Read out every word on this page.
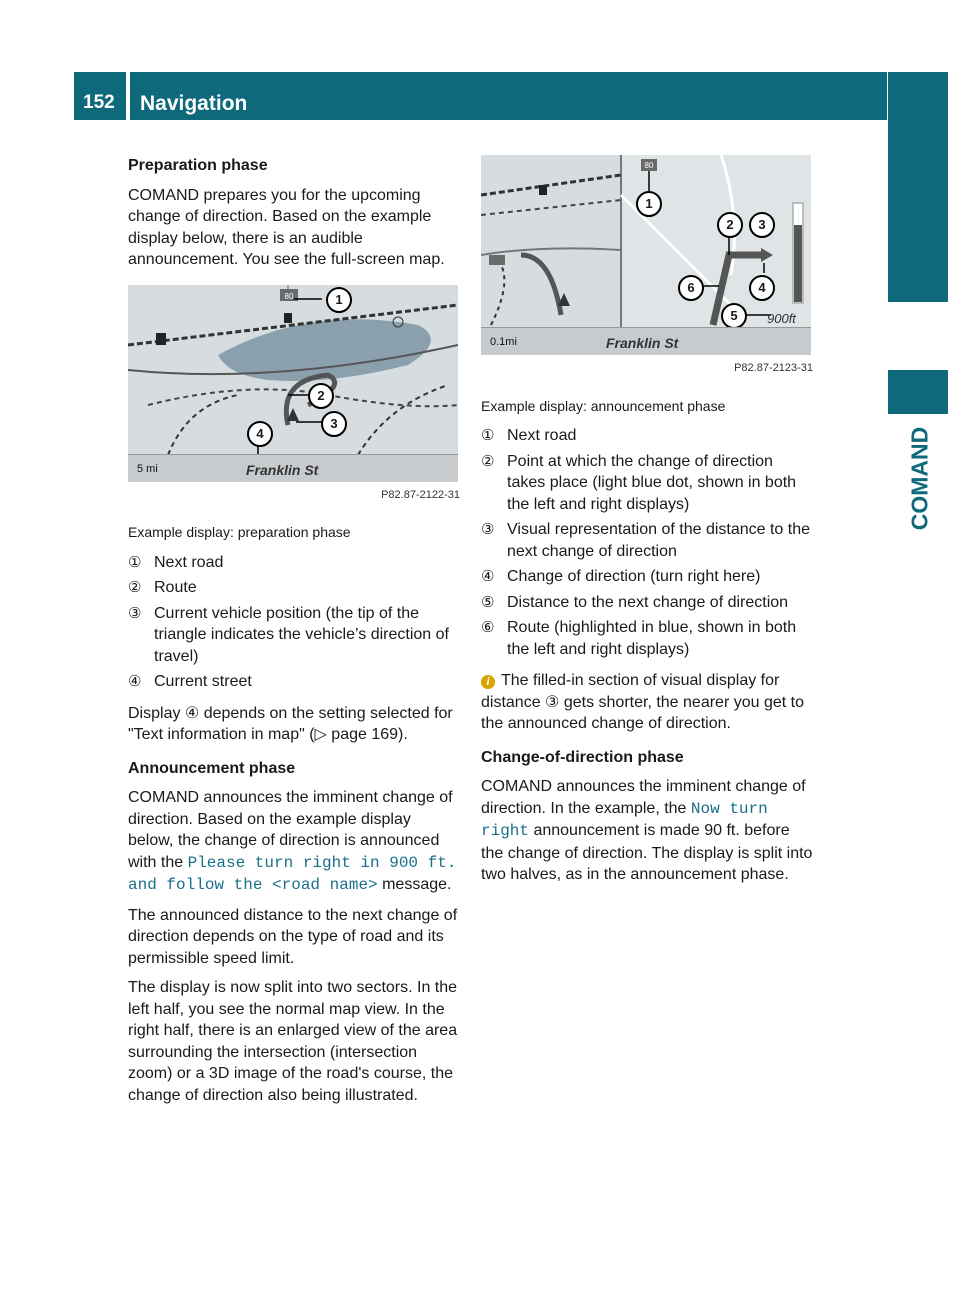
152 Navigation
COMAND

Preparation phase

COMAND prepares you for the upcoming change of direction. Based on the example display below, there is an audible announcement. You see the full-screen map.

80	1
2
3
4
5 mi	Franklin St
P82.87-2122-31
Example display: preparation phase
① Next road
② Route
③ Current vehicle position (the tip of the triangle indicates the vehicle’s direction of travel)
④ Current street

Display ④ depends on the setting selected for "Text information in map" (▷ page 169).

Announcement phase

COMAND announces the imminent change of direction. Based on the example display below, the change of direction is announced with the Please turn right in 900 ft. and follow the <road name> message.

The announced distance to the next change of direction depends on the type of road and its permissible speed limit.

The display is now split into two sectors. In the left half, you see the normal map view. In the right half, there is an enlarged view of the area surrounding the intersection (intersection zoom) or a 3D image of the road's course, the change of direction also being illustrated.

80
1
2	3
4
5
6
900ft
0.1mi	Franklin St
P82.87-2123-31
Example display: announcement phase
① Next road
② Point at which the change of direction takes place (light blue dot, shown in both the left and right displays)
③ Visual representation of the distance to the next change of direction
④ Change of direction (turn right here)
⑤ Distance to the next change of direction
⑥ Route (highlighted in blue, shown in both the left and right displays)

i The filled-in section of visual display for distance ③ gets shorter, the nearer you get to the announced change of direction.

Change-of-direction phase

COMAND announces the imminent change of direction. In the example, the Now turn right announcement is made 90 ft. before the change of direction. The display is split into two halves, as in the announcement phase.
